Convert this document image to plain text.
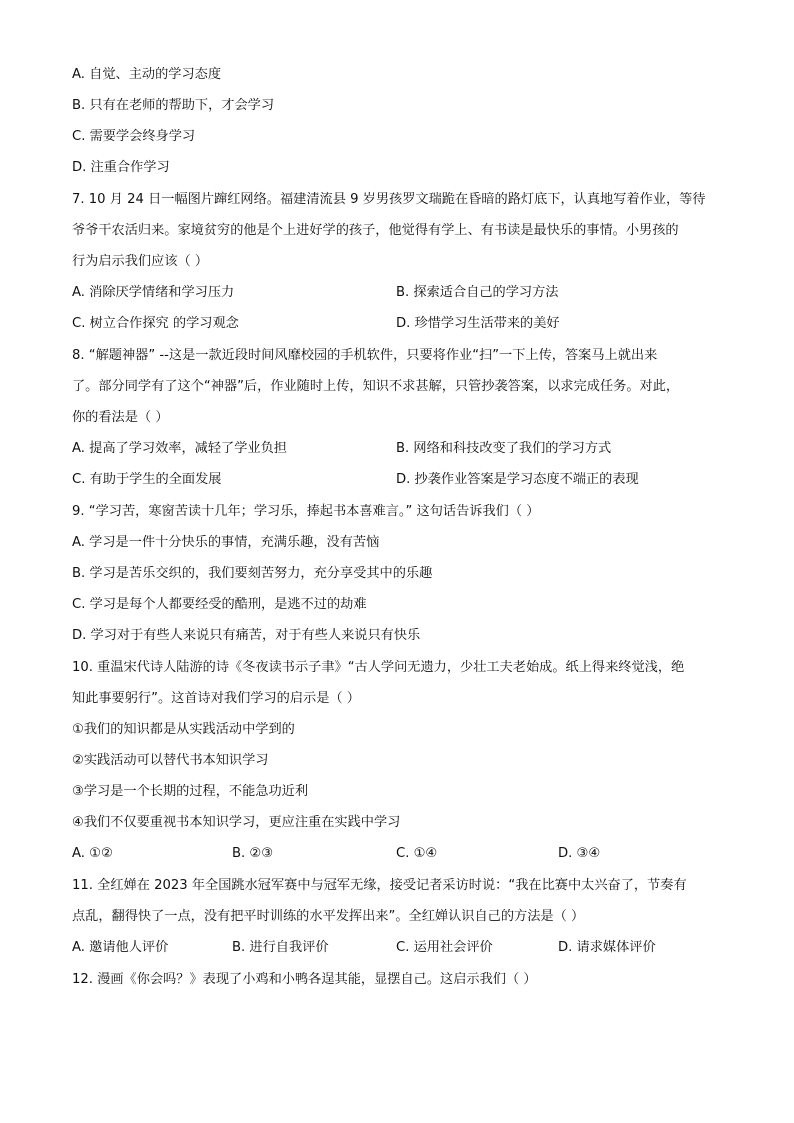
A. 自觉、主动的学习态度
B. 只有在老师的帮助下，才会学习
C. 需要学会终身学习
D. 注重合作学习
7. 10 月 24 日一幅图片蹿红网络。福建清流县 9 岁男孩罗文瑞跪在昏暗的路灯底下，认真地写着作业，等待
爷爷干农活归来。家境贫穷的他是个上进好学的孩子，他觉得有学上、有书读是最快乐的事情。小男孩的
行为启示我们应该（ ）
A. 消除厌学情绪和学习压力	B. 探索适合自己的学习方法
C. 树立合作探究 的学习观念	D. 珍惜学习生活带来的美好
8. “解题神器” --这是一款近段时间风靡校园的手机软件，只要将作业“扫”一下上传，答案马上就出来
了。部分同学有了这个“神器”后，作业随时上传，知识不求甚解，只管抄袭答案，以求完成任务。对此，
你的看法是（ ）
A. 提高了学习效率，减轻了学业负担	B. 网络和科技改变了我们的学习方式
C. 有助于学生的全面发展	D. 抄袭作业答案是学习态度不端正的表现
9. “学习苦，寒窗苦读十几年；学习乐，捧起书本喜难言。” 这句话告诉我们（ ）
A. 学习是一件十分快乐的事情，充满乐趣，没有苦恼
B. 学习是苦乐交织的，我们要刻苦努力，充分享受其中的乐趣
C. 学习是每个人都要经受的酷刑，是逃不过的劫难
D. 学习对于有些人来说只有痛苦，对于有些人来说只有快乐
10. 重温宋代诗人陆游的诗《冬夜读书示子聿》“古人学问无遗力，少壮工夫老始成。纸上得来终觉浅，绝
知此事要躬行”。这首诗对我们学习的启示是（ ）
①我们的知识都是从实践活动中学到的
②实践活动可以替代书本知识学习
③学习是一个长期的过程，不能急功近利
④我们不仅要重视书本知识学习，更应注重在实践中学习
A. ①②	B. ②③	C. ①④	D. ③④
11. 全红婵在 2023 年全国跳水冠军赛中与冠军无缘，接受记者采访时说：“我在比赛中太兴奋了，节奏有
点乱，翻得快了一点，没有把平时训练的水平发挥出来”。全红婵认识自己的方法是（ ）
A. 邀请他人评价	B. 进行自我评价	C. 运用社会评价	D. 请求媒体评价
12. 漫画《你会吗？》表现了小鸡和小鸭各逞其能，显摆自己。这启示我们（ ）
